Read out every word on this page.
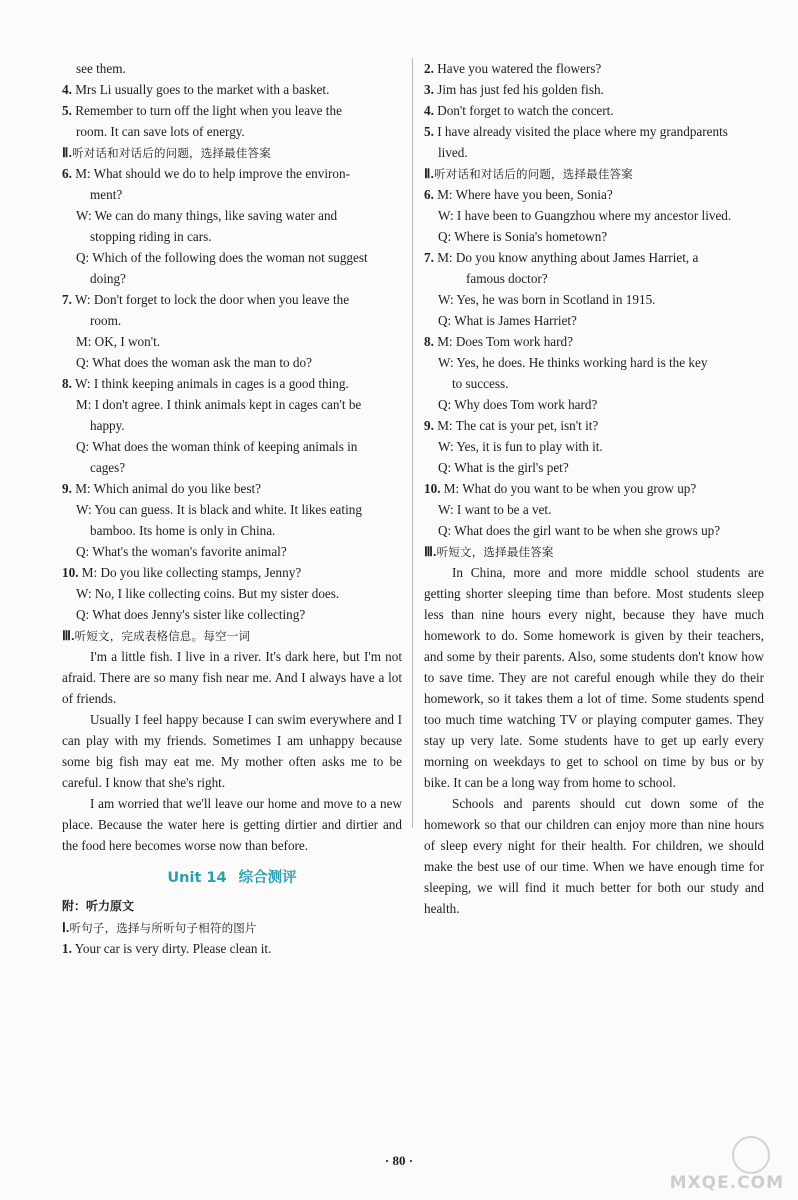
see them.
4. Mrs Li usually goes to the market with a basket.
5. Remember to turn off the light when you leave the
room. It can save lots of energy.
Ⅱ.听对话和对话后的问题，选择最佳答案
6. M: What should we do to help improve the environ-
ment?
W: We can do many things, like saving water and
stopping riding in cars.
Q: Which of the following does the woman not suggest
doing?
7. W: Don't forget to lock the door when you leave the
room.
M: OK, I won't.
Q: What does the woman ask the man to do?
8. W: I think keeping animals in cages is a good thing.
M: I don't agree. I think animals kept in cages can't be
happy.
Q: What does the woman think of keeping animals in
cages?
9. M: Which animal do you like best?
W: You can guess. It is black and white. It likes eating
bamboo. Its home is only in China.
Q: What's the woman's favorite animal?
10. M: Do you like collecting stamps, Jenny?
W: No, I like collecting coins. But my sister does.
Q: What does Jenny's sister like collecting?
Ⅲ.听短文，完成表格信息。每空一词

I'm a little fish. I live in a river. It's dark here, but I'm not afraid. There are so many fish near me. And I always have a lot of friends.

Usually I feel happy because I can swim everywhere and I can play with my friends. Sometimes I am unhappy because some big fish may eat me. My mother often asks me to be careful. I know that she's right.

I am worried that we'll leave our home and move to a new place. Because the water here is getting dirtier and dirtier and the food here becomes worse now than before.

Unit 14 综合测评
附：听力原文
Ⅰ.听句子，选择与所听句子相符的图片
1. Your car is very dirty. Please clean it.
2. Have you watered the flowers?
3. Jim has just fed his golden fish.
4. Don't forget to watch the concert.
5. I have already visited the place where my grandparents
lived.
Ⅱ.听对话和对话后的问题，选择最佳答案
6. M: Where have you been, Sonia?
W: I have been to Guangzhou where my ancestor lived.
Q: Where is Sonia's hometown?
7. M: Do you know anything about James Harriet, a
famous doctor?
W: Yes, he was born in Scotland in 1915.
Q: What is James Harriet?
8. M: Does Tom work hard?
W: Yes, he does. He thinks working hard is the key
to success.
Q: Why does Tom work hard?
9. M: The cat is your pet, isn't it?
W: Yes, it is fun to play with it.
Q: What is the girl's pet?
10. M: What do you want to be when you grow up?
W: I want to be a vet.
Q: What does the girl want to be when she grows up?
Ⅲ.听短文，选择最佳答案

In China, more and more middle school students are getting shorter sleeping time than before. Most students sleep less than nine hours every night, because they have much homework to do. Some homework is given by their teachers, and some by their parents. Also, some students don't know how to save time. They are not careful enough while they do their homework, so it takes them a lot of time. Some students spend too much time watching TV or playing computer games. They stay up very late. Some students have to get up early every morning on weekdays to get to school on time by bus or by bike. It can be a long way from home to school.

Schools and parents should cut down some of the homework so that our children can enjoy more than nine hours of sleep every night for their health. For children, we should make the best use of our time. When we have enough time for sleeping, we will find it much better for both our study and health.

· 80 ·
MXQE.COM
